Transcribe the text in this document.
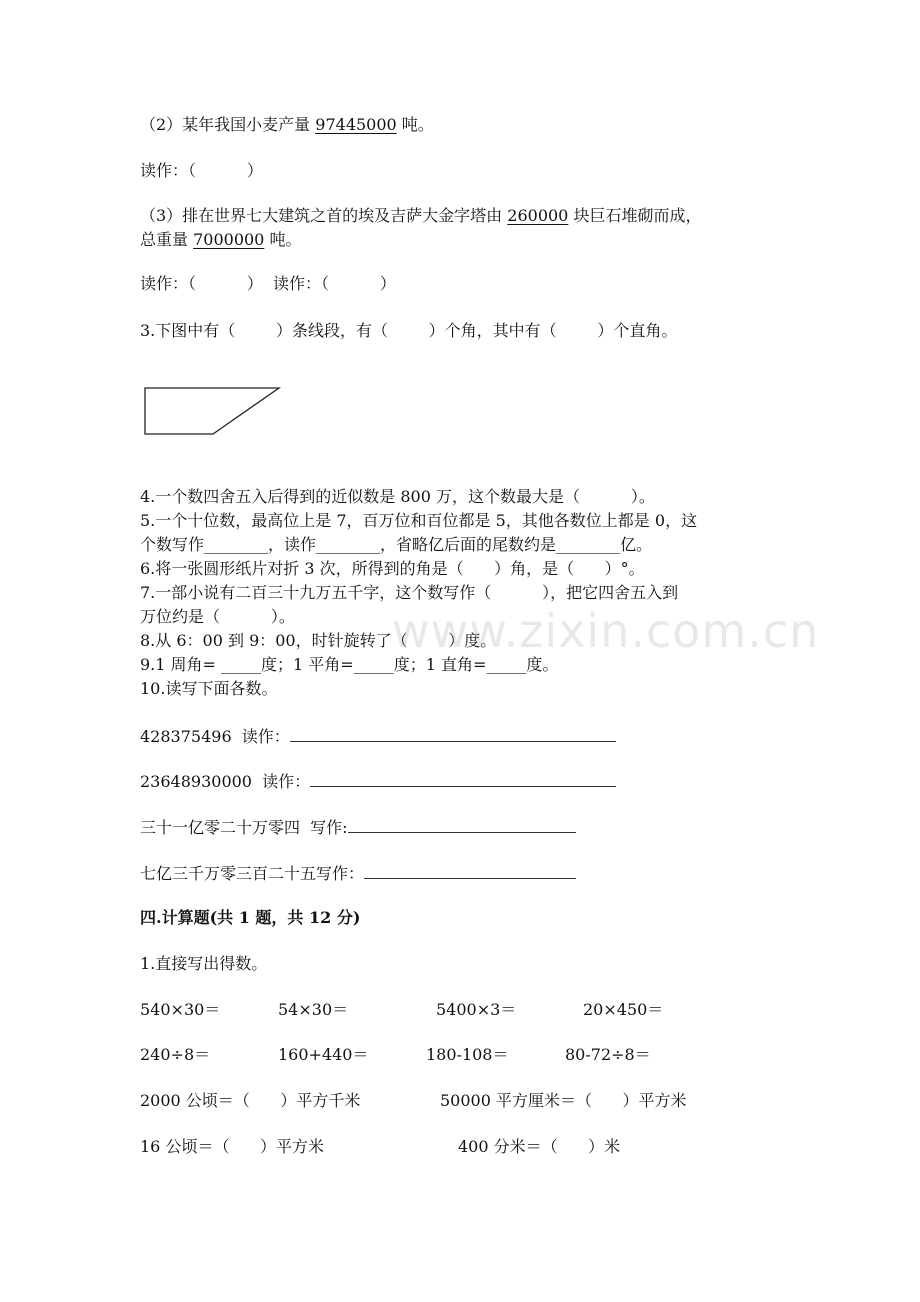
（2）某年我国小麦产量 97445000 吨。
读作：（          ）
（3）排在世界七大建筑之首的埃及吉萨大金字塔由 260000 块巨石堆砌而成，
总重量 7000000 吨。
读作：（          ）  读作：（          ）
3.下图中有（        ）条线段，有（        ）个角，其中有（        ）个直角。
4.一个数四舍五入后得到的近似数是 800 万，这个数最大是（          ）。
5.一个十位数，最高位上是 7，百万位和百位都是 5，其他各数位上都是 0，这
个数写作________，读作________，省略亿后面的尾数约是________亿。
6.将一张圆形纸片对折 3 次，所得到的角是（      ）角，是（      ）°。
7.一部小说有二百三十九万五千字，这个数写作（          ），把它四舍五入到
万位约是（          ）。
8.从 6：00 到 9：00，时针旋转了（        ）度。
9.1 周角= _____度；1 平角=_____度；1 直角=_____度。
10.读写下面各数。
428375496  读作：
23648930000  读作：
三十一亿零二十万零四  写作:
七亿三千万零三百二十五写作：
四.计算题(共 1 题，共 12 分)
1.直接写出得数。
540×30＝	54×30＝	5400×3＝	20×450＝
240÷8＝	160+440＝	180-108＝	80-72÷8＝
2000 公顷＝（      ）平方千米	50000 平方厘米＝（      ）平方米
16 公顷＝（      ）平方米	400 分米＝（      ）米
www.zixin.com.cn
